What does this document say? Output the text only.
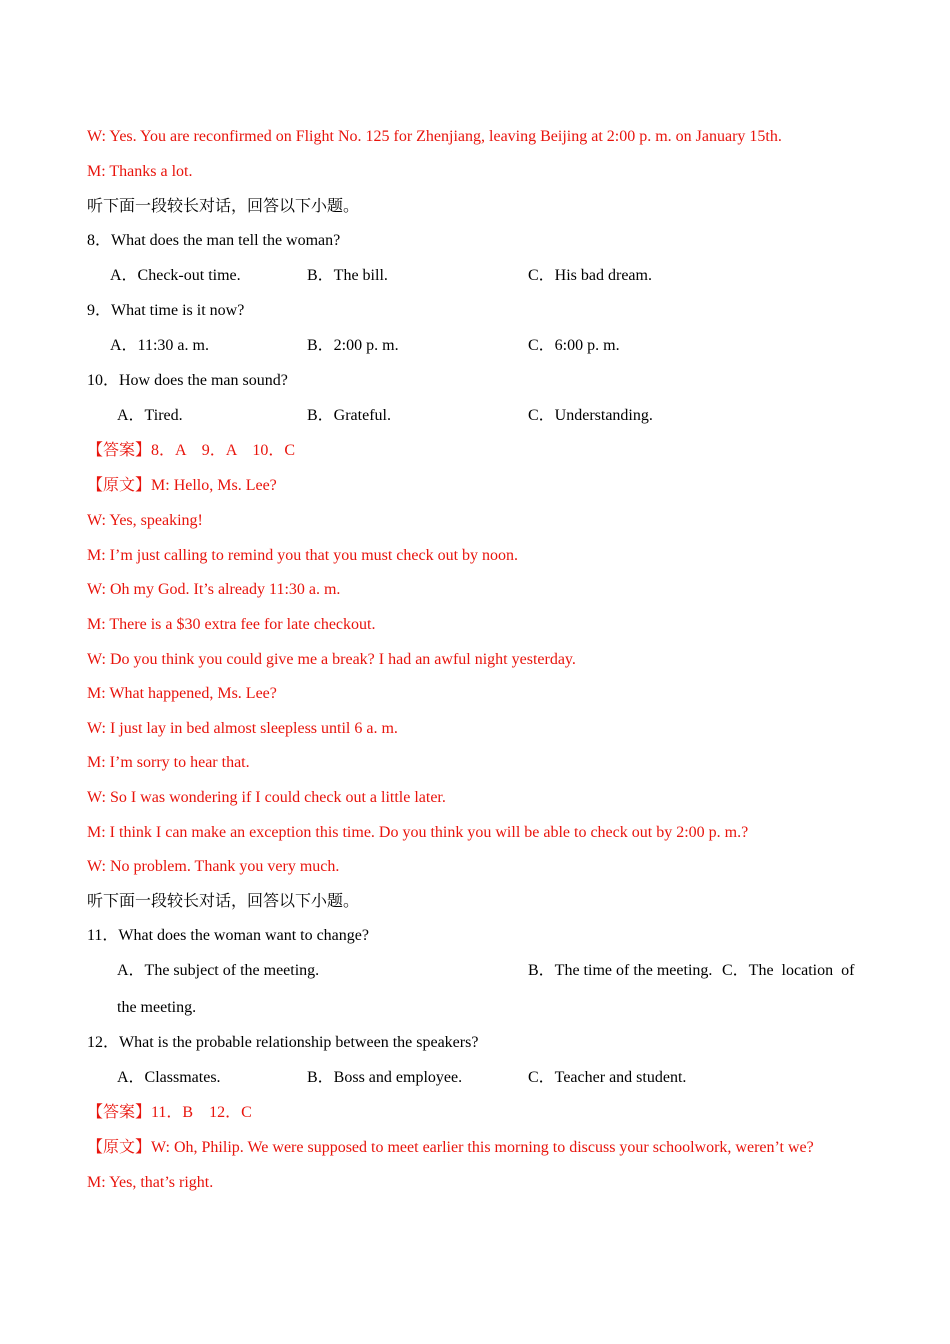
W: Yes. You are reconfirmed on Flight No. 125 for Zhenjiang, leaving Beijing at 2:00 p. m. on January 15th.
M: Thanks a lot.
听下面一段较长对话，回答以下小题。
8．What does the man tell the woman?
A．Check-out time.	B．The bill.	C．His bad dream.
9．What time is it now?
A．11:30 a. m.	B．2:00 p. m.	C．6:00 p. m.
10．How does the man sound?
A．Tired.	B．Grateful.	C．Understanding.
【答案】8．A　9．A　10．C
【原文】M: Hello, Ms. Lee?
W: Yes, speaking!
M: I’m just calling to remind you that you must check out by noon.
W: Oh my God. It’s already 11:30 a. m.
M: There is a $30 extra fee for late checkout.
W: Do you think you could give me a break? I had an awful night yesterday.
M: What happened, Ms. Lee?
W: I just lay in bed almost sleepless until 6 a. m.
M: I’m sorry to hear that.
W: So I was wondering if I could check out a little later.
M: I think I can make an exception this time. Do you think you will be able to check out by 2:00 p. m.?
W: No problem. Thank you very much.
听下面一段较长对话，回答以下小题。
11．What does the woman want to change?
A．The subject of the meeting.	B．The time of the meeting. C．The location of
the meeting.
12．What is the probable relationship between the speakers?
A．Classmates.	B．Boss and employee.	C．Teacher and student.
【答案】11．B　12．C
【原文】W: Oh, Philip. We were supposed to meet earlier this morning to discuss your schoolwork, weren’t we?
M: Yes, that’s right.
